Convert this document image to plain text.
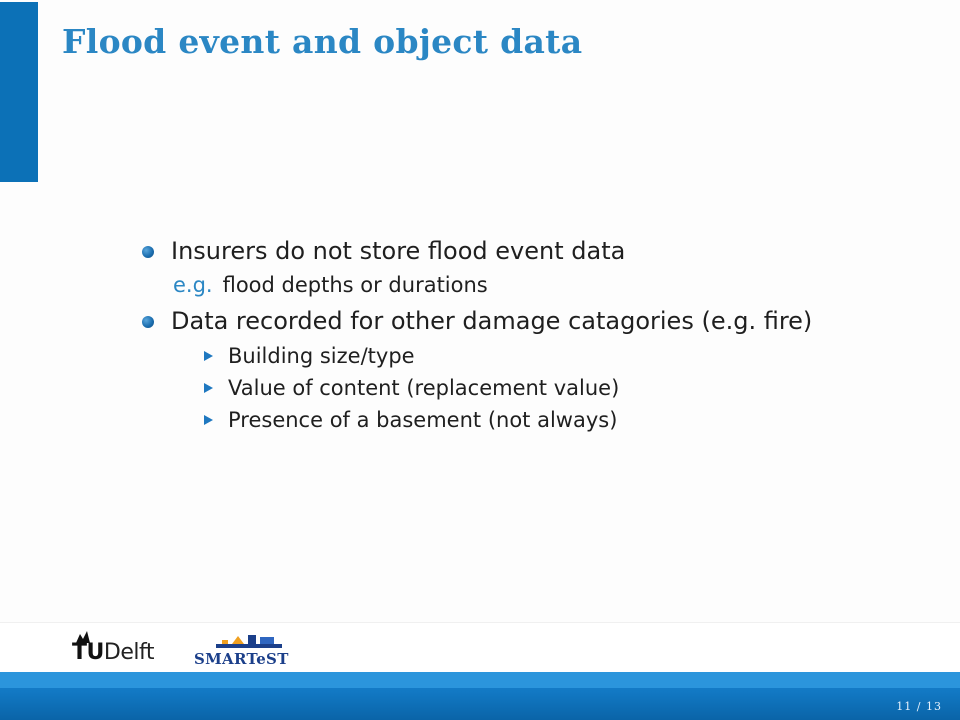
Flood event and object data
Insurers do not store flood event data
e.g. flood depths or durations
Data recorded for other damage catagories (e.g. fire)
Building size/type
Value of content (replacement value)
Presence of a basement (not always)
TUDelft	SMARTeST
11 / 13
